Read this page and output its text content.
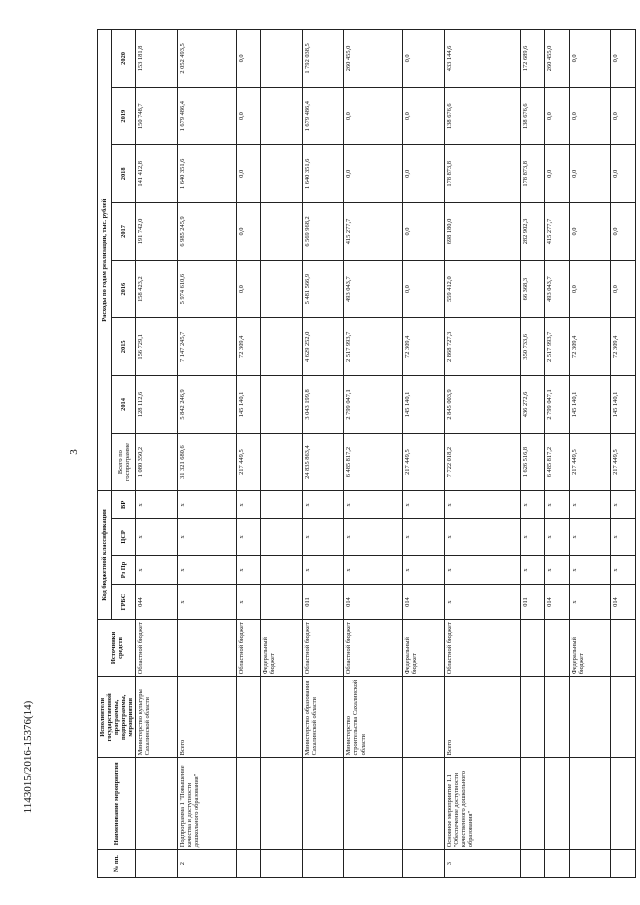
3
1143015/2016-15376(14)
№ пп.	Наименование мероприятия	Исполнители государственной программы, подпрограммы, мероприятия	Источники средств	Код бюджетной классификации				Расходы по годам реализации, тыс. рублей							
				ГРБС	Рз Пр	ЦСР	ВР	Всего по госпрограмме	2014	2015	2016	2017	2018	2019	2020
		Министерство культуры Сахалинской области	Областной бюджет	044	х	х	х	1 080 350,2	128 112,6	156 729,1	158 423,2	191 742,0	141 412,8	150 748,7	153 181,8
2	Подпрограмма 1 "Повышение качества и доступности дошкольного образования"	Всего		х	х	х	х	31 321 680,6	5 842 246,9	7 147 245,7	5 974 610,6	6 985 245,9	1 640 351,6	1 679 486,4	2 052 493,5
			Областной бюджет	х	х	х	х	217 449,5	145 140,1	72 309,4	0,0	0,0	0,0	0,0	0,0
			Федеральный бюджет												
		Министерство образования Сахалинской области	Областной бюджет	011	х	х	х	24 835 863,4	3 043 199,8	4 629 252,0	5 481 566,9	6 569 968,2	1 640 351,6	1 679 486,4	1 792 038,5
		Министерство строительства Сахалинской области	Областной бюджет	014	х	х	х	6 485 817,2	2 799 047,1	2 517 993,7	493 043,7	415 277,7	0,0	0,0	260 455,0
			Федеральный бюджет	014	х	х	х	217 449,5	145 140,1	72 309,4	0,0	0,0	0,0	0,0	0,0
3	Основное мероприятие 1.1 "Обеспечение доступности качественного дошкольного образования"	Всего	Областной бюджет	х	х	х	х	7 722 018,2	2 845 003,9	2 868 727,3	559 412,0	698 180,0	178 873,8	138 676,6	433 144,6
				011	х	х	х	1 626 516,8	436 272,6	350 733,6	66 368,3	282 902,3	178 873,8	138 676,6	172 689,6
				014	х	х	х	6 485 817,2	2 799 047,1	2 517 993,7	493 043,7	415 277,7	0,0	0,0	260 455,0
			Федеральный бюджет	х	х	х	х	217 449,5	145 140,1	72 309,4	0,0	0,0	0,0	0,0	0,0
				014	х	х	х	217 449,5	145 140,1	72 309,4	0,0	0,0	0,0	0,0	0,0
